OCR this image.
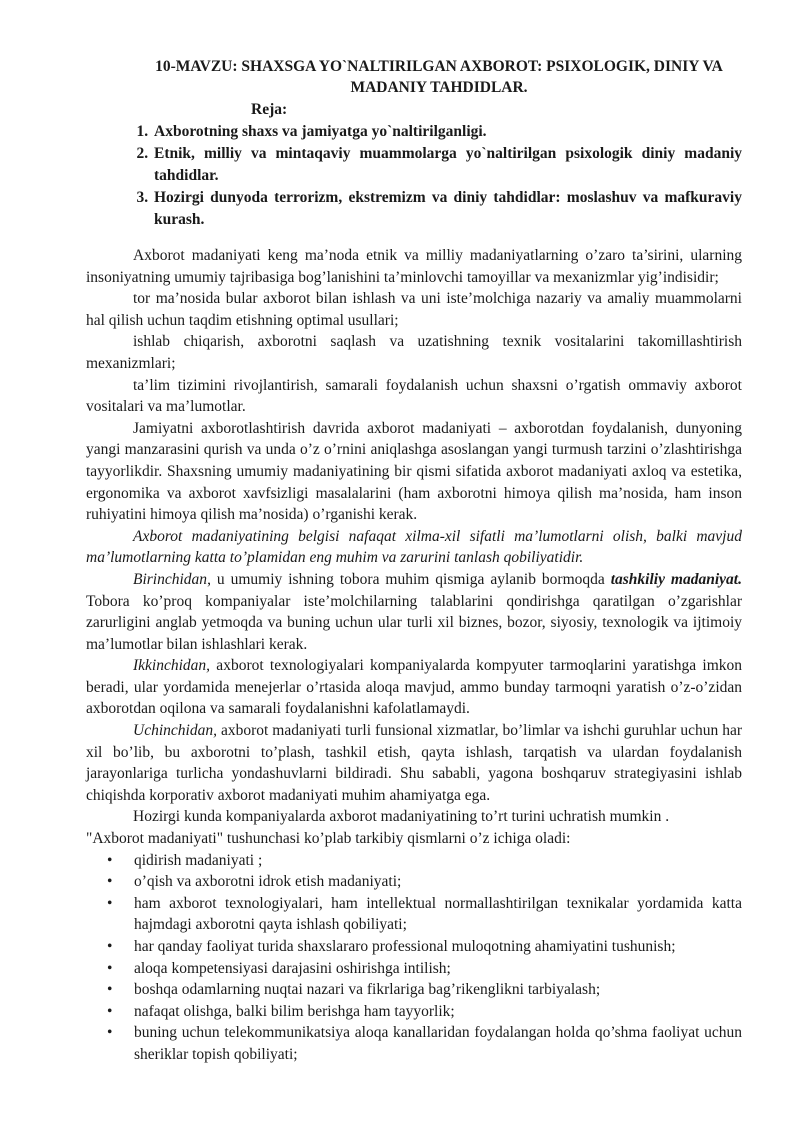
10-MAVZU: SHAXSGA YO`NALTIRILGAN AXBOROT: PSIXOLOGIK, DINIY VA
MADANIY TAHDIDLAR.
Reja:
1. Axborotning shaxs va jamiyatga yo`naltirilganligi.
2. Etnik, milliy va mintaqaviy muammolarga yo`naltirilgan psixologik diniy madaniy tahdidlar.
3. Hozirgi dunyoda terrorizm, ekstremizm va diniy tahdidlar: moslashuv va mafkuraviy kurash.

Axborot madaniyati keng ma’noda etnik va milliy madaniyatlarning o’zaro ta’sirini, ularning insoniyatning umumiy tajribasiga bog’lanishini ta’minlovchi tamoyillar va mexanizmlar yig’indisidir;

tor ma’nosida bular axborot bilan ishlash va uni iste’molchiga nazariy va amaliy muammolarni hal qilish uchun taqdim etishning optimal usullari;

ishlab chiqarish, axborotni saqlash va uzatishning texnik vositalarini takomillashtirish mexanizmlari;

ta’lim tizimini rivojlantirish, samarali foydalanish uchun shaxsni o’rgatish ommaviy axborot vositalari va ma’lumotlar.

Jamiyatni axborotlashtirish davrida axborot madaniyati – axborotdan foydalanish, dunyoning yangi manzarasini qurish va unda o’z o’rnini aniqlashga asoslangan yangi turmush tarzini o’zlashtirishga tayyorlikdir. Shaxsning umumiy madaniyatining bir qismi sifatida axborot madaniyati axloq va estetika, ergonomika va axborot xavfsizligi masalalarini (ham axborotni himoya qilish ma’nosida, ham inson ruhiyatini himoya qilish ma’nosida) o’rganishi kerak.

Axborot madaniyatining belgisi nafaqat xilma-xil sifatli ma’lumotlarni olish, balki mavjud ma’lumotlarning katta to’plamidan eng muhim va zarurini tanlash qobiliyatidir.

Birinchidan, u umumiy ishning tobora muhim qismiga aylanib bormoqda tashkiliy madaniyat. Tobora ko’proq kompaniyalar iste’molchilarning talablarini qondirishga qaratilgan o’zgarishlar zarurligini anglab yetmoqda va buning uchun ular turli xil biznes, bozor, siyosiy, texnologik va ijtimoiy ma’lumotlar bilan ishlashlari kerak.

Ikkinchidan, axborot texnologiyalari kompaniyalarda kompyuter tarmoqlarini yaratishga imkon beradi, ular yordamida menejerlar o’rtasida aloqa mavjud, ammo bunday tarmoqni yaratish o’z-o’zidan axborotdan oqilona va samarali foydalanishni kafolatlamaydi.

Uchinchidan, axborot madaniyati turli funsional xizmatlar, bo’limlar va ishchi guruhlar uchun har xil bo’lib, bu axborotni to’plash, tashkil etish, qayta ishlash, tarqatish va ulardan foydalanish jarayonlariga turlicha yondashuvlarni bildiradi. Shu sababli, yagona boshqaruv strategiyasini ishlab chiqishda korporativ axborot madaniyati muhim ahamiyatga ega.

Hozirgi kunda kompaniyalarda axborot madaniyatining to’rt turini uchratish mumkin .

"Axborot madaniyati" tushunchasi ko’plab tarkibiy qismlarni o’z ichiga oladi:

• qidirish madaniyati ;
• o’qish va axborotni idrok etish madaniyati;
• ham axborot texnologiyalari, ham intellektual normallashtirilgan texnikalar yordamida katta hajmdagi axborotni qayta ishlash qobiliyati;
• har qanday faoliyat turida shaxslararo professional muloqotning ahamiyatini tushunish;
• aloqa kompetensiyasi darajasini oshirishga intilish;
• boshqa odamlarning nuqtai nazari va fikrlariga bag’rikenglikni tarbiyalash;
• nafaqat olishga, balki bilim berishga ham tayyorlik;
• buning uchun telekommunikatsiya aloqa kanallaridan foydalangan holda qo’shma faoliyat uchun sheriklar topish qobiliyati;
